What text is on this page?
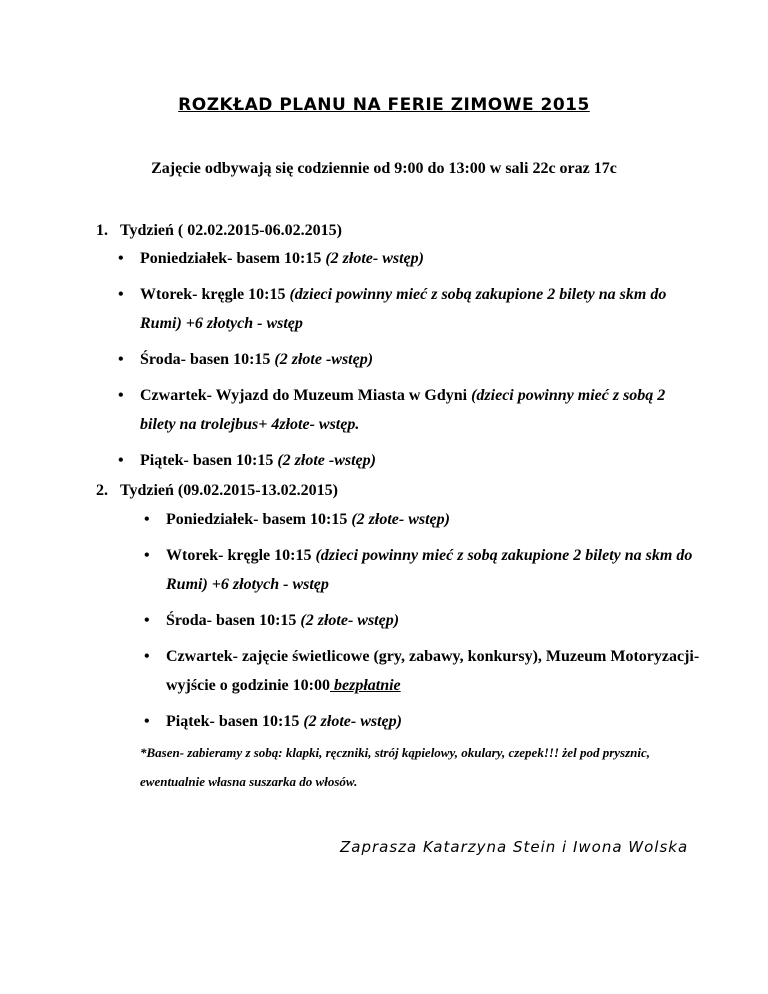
ROZKŁAD PLANU NA FERIE ZIMOWE 2015
Zajęcie odbywają się codziennie od 9:00 do 13:00 w sali 22c oraz 17c
1. Tydzień ( 02.02.2015-06.02.2015)
• Poniedziałek- basem 10:15 (2 złote- wstęp)
• Wtorek- kręgle 10:15 (dzieci powinny mieć z sobą zakupione 2 bilety na skm do Rumi) +6 złotych - wstęp
• Środa- basen 10:15 (2 złote -wstęp)
• Czwartek- Wyjazd do Muzeum Miasta w Gdyni (dzieci powinny mieć z sobą 2 bilety na trolejbus+ 4złote- wstęp.
• Piątek- basen 10:15 (2 złote -wstęp)
2. Tydzień (09.02.2015-13.02.2015)
• Poniedziałek- basem 10:15 (2 złote- wstęp)
• Wtorek- kręgle 10:15 (dzieci powinny mieć z sobą zakupione 2 bilety na skm do Rumi) +6 złotych - wstęp
• Środa- basen 10:15 (2 złote- wstęp)
• Czwartek- zajęcie świetlicowe (gry, zabawy, konkursy), Muzeum Motoryzacji- wyjście o godzinie 10:00 bezpłatnie
• Piątek- basen 10:15 (2 złote- wstęp)
*Basen- zabieramy z sobą: klapki, ręczniki, strój kąpielowy, okulary, czepek!!! żel pod prysznic, ewentualnie własna suszarka do włosów.
Zaprasza Katarzyna Stein i Iwona Wolska
